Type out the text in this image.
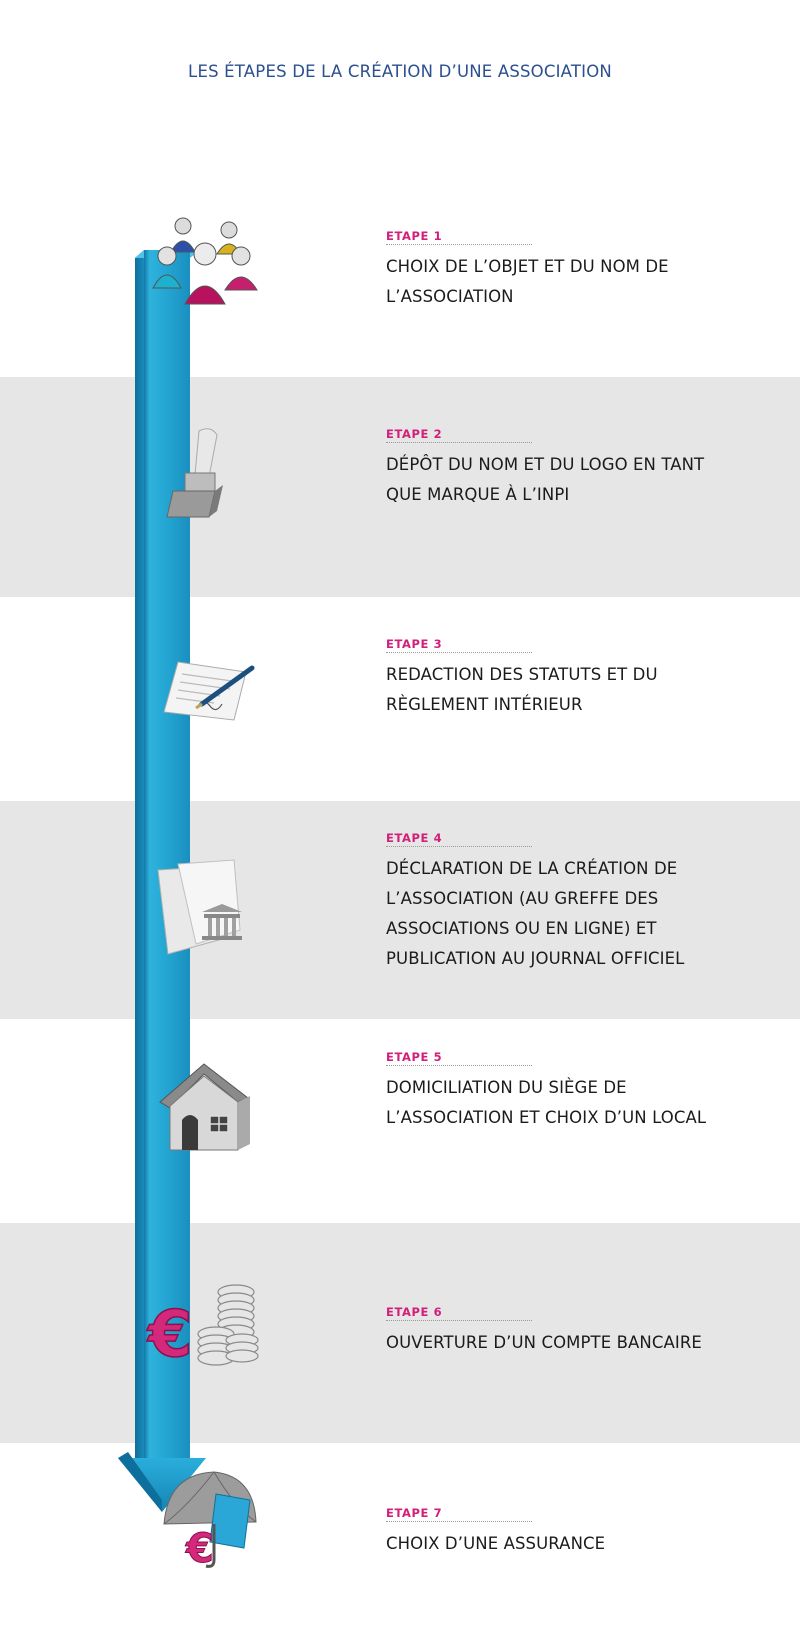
LES ÉTAPES DE LA CRÉATION D’UNE ASSOCIATION
€
€
ETAPE 1
CHOIX DE L’OBJET ET DU NOM DE L’ASSOCIATION
ETAPE 2
DÉPÔT DU NOM ET DU LOGO EN TANT QUE MARQUE À L’INPI
ETAPE 3
REDACTION DES STATUTS ET DU RÈGLEMENT INTÉRIEUR
ETAPE 4
DÉCLARATION DE LA CRÉATION DE L’ASSOCIATION (AU GREFFE DES ASSOCIATIONS OU EN LIGNE) ET PUBLICATION AU JOURNAL OFFICIEL
ETAPE 5
DOMICILIATION DU SIÈGE DE L’ASSOCIATION ET CHOIX D’UN LOCAL
ETAPE 6
OUVERTURE D’UN COMPTE BANCAIRE
ETAPE 7
CHOIX D’UNE ASSURANCE
